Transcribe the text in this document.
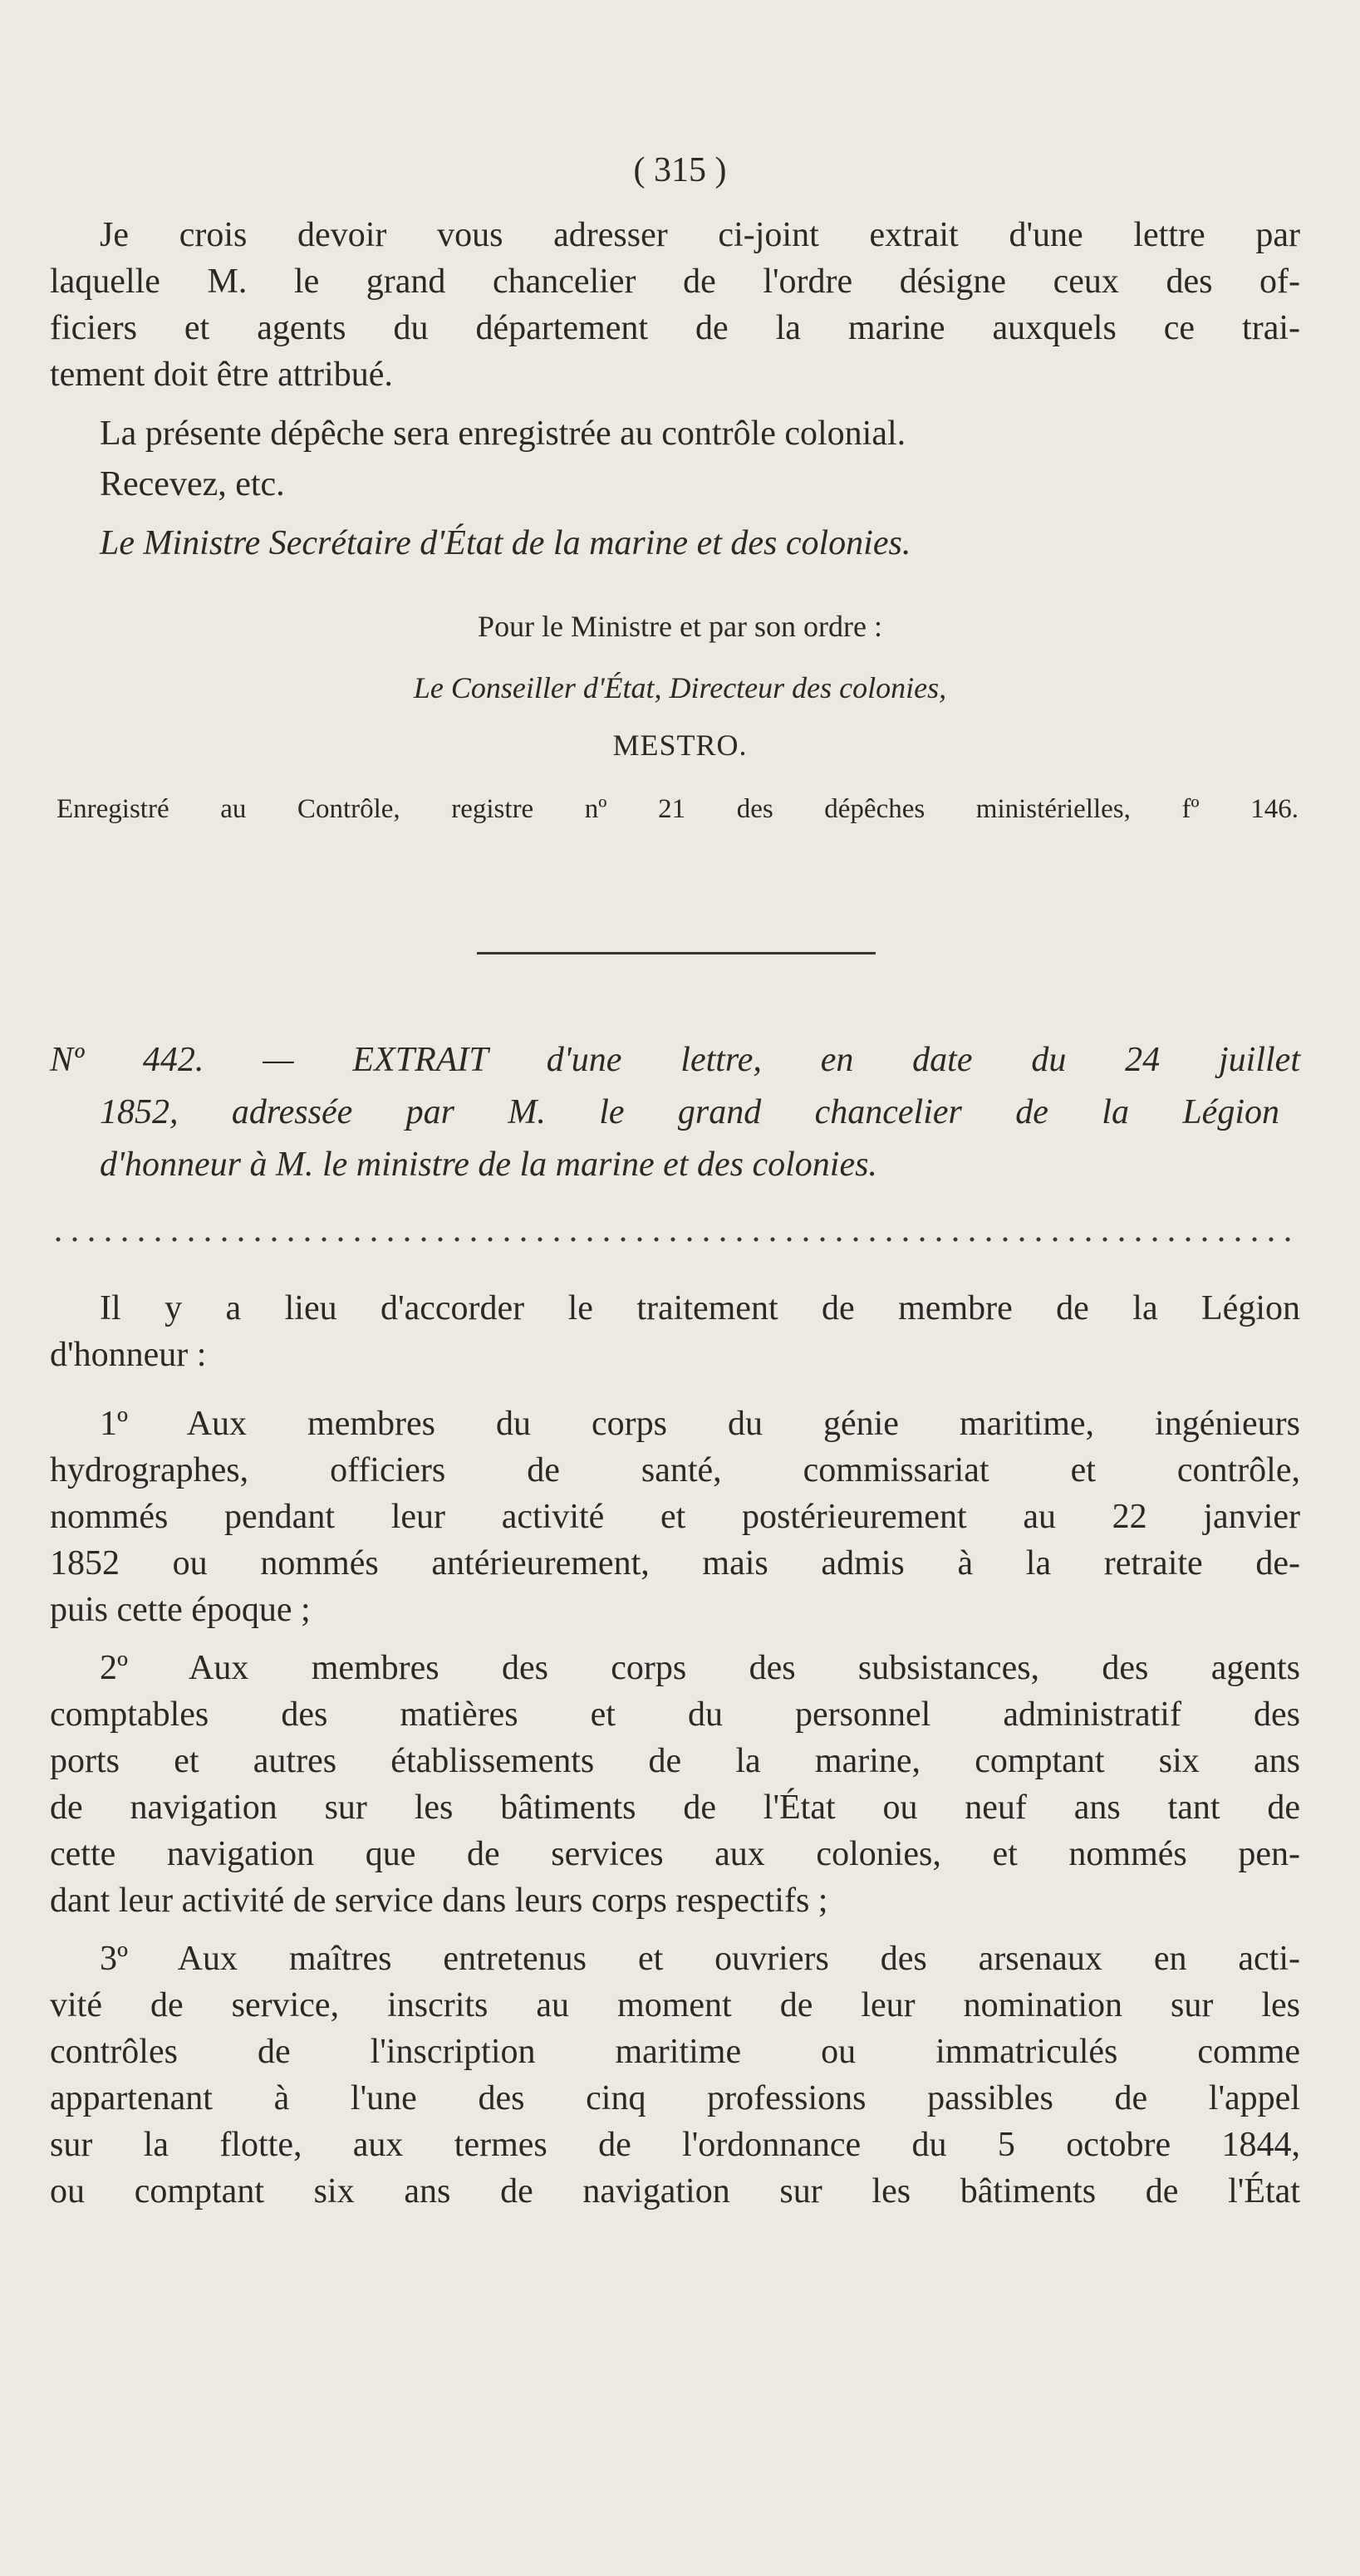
( 315 )
Je crois devoir vous adresser ci-joint extrait d'une lettre par
laquelle M. le grand chancelier de l'ordre désigne ceux des of-
ficiers et agents du département de la marine auxquels ce trai-
tement doit être attribué.
La présente dépêche sera enregistrée au contrôle colonial.
Recevez, etc.
Le Ministre Secrétaire d'État de la marine et des colonies.
Pour le Ministre et par son ordre :
Le Conseiller d'État, Directeur des colonies,
MESTRO.
Enregistré au Contrôle, registre nº 21 des dépêches ministérielles, fº 146.
Nº 442. — EXTRAIT d'une lettre, en date du 24 juillet
1852, adressée par M. le grand chancelier de la Légion
d'honneur à M. le ministre de la marine et des colonies.
Il y a lieu d'accorder le traitement de membre de la Légion
d'honneur :
1º Aux membres du corps du génie maritime, ingénieurs
hydrographes, officiers de santé, commissariat et contrôle,
nommés pendant leur activité et postérieurement au 22 janvier
1852 ou nommés antérieurement, mais admis à la retraite de-
puis cette époque ;
2º Aux membres des corps des subsistances, des agents
comptables des matières et du personnel administratif des
ports et autres établissements de la marine, comptant six ans
de navigation sur les bâtiments de l'État ou neuf ans tant de
cette navigation que de services aux colonies, et nommés pen-
dant leur activité de service dans leurs corps respectifs ;
3º Aux maîtres entretenus et ouvriers des arsenaux en acti-
vité de service, inscrits au moment de leur nomination sur les
contrôles de l'inscription maritime ou immatriculés comme
appartenant à l'une des cinq professions passibles de l'appel
sur la flotte, aux termes de l'ordonnance du 5 octobre 1844,
ou comptant six ans de navigation sur les bâtiments de l'État
